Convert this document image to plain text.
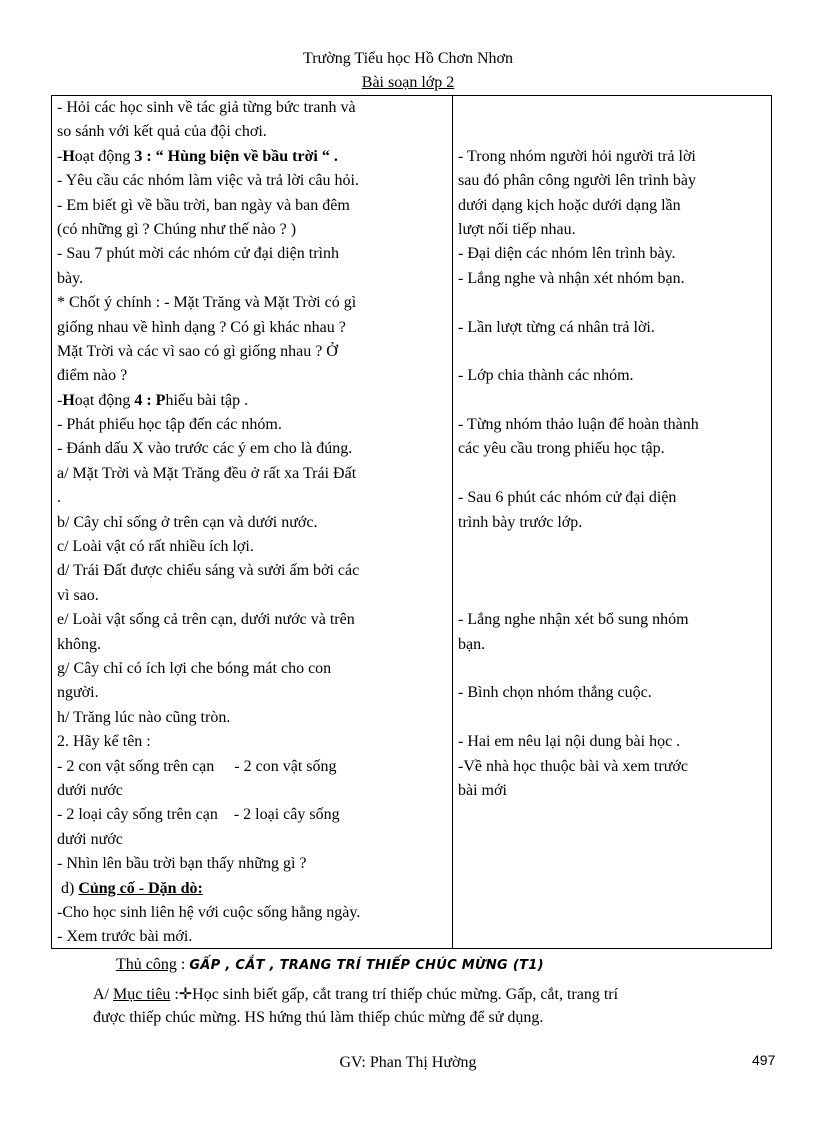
Trường Tiểu học Hồ Chơn Nhơn
Bài soạn lớp 2
- Hỏi các học sinh về tác giả từng bức tranh và
so sánh với kết quả của đội chơi.
-Hoạt động 3 : “ Hùng biện về bầu trời “ .
- Yêu cầu các nhóm làm việc và trả lời câu hỏi.
- Em biết gì về bầu trời, ban ngày và ban đêm
(có những gì ? Chúng như thế nào ? )
- Sau 7 phút mời các nhóm cử đại diện trình
bày.
* Chốt ý chính : - Mặt Trăng và Mặt Trời có gì
giống nhau về hình dạng ? Có gì khác nhau ?
Mặt Trời và các vì sao có gì giống nhau ? Ở
điểm nào ?
-Hoạt động 4 : Phiếu bài tập .
- Phát phiếu học tập đến các nhóm.
- Đánh dấu X vào trước các ý em cho là đúng.
a/ Mặt Trời và Mặt Trăng đều ở rất xa Trái Đất
.
b/ Cây chỉ sống ở trên cạn và dưới nước.
c/ Loài vật có rất nhiều ích lợi.
d/ Trái Đất được chiếu sáng và sưởi ấm bởi các
vì sao.
e/ Loài vật sống cả trên cạn, dưới nước và trên
không.
g/ Cây chỉ có ích lợi che bóng mát cho con
người.
h/ Trăng lúc nào cũng tròn.
2. Hãy kể tên :
- 2 con vật sống trên cạn     - 2 con vật sống
dưới nước
- 2 loại cây sống trên cạn    - 2 loại cây sống
dưới nước
- Nhìn lên bầu trời bạn thấy những gì ?
d) Củng cố - Dặn dò:
-Cho học sinh liên hệ với cuộc sống hằng ngày.
- Xem trước bài mới.
- Trong nhóm người hỏi người trả lời
sau đó phân công người lên trình bày
dưới dạng kịch hoặc dưới dạng lần
lượt nối tiếp nhau.
- Đại diện các nhóm lên trình bày.
- Lắng nghe và nhận xét nhóm bạn.
- Lần lượt từng cá nhân trả lời.
- Lớp chia thành các nhóm.
- Từng nhóm thảo luận để hoàn thành
các yêu cầu trong phiếu học tập.
- Sau 6 phút các nhóm cử đại diện
trình bày trước lớp.
- Lắng nghe nhận xét bổ sung nhóm
bạn.
- Bình chọn nhóm thắng cuộc.
- Hai em nêu lại nội dung bài học .
-Về nhà học thuộc bài và xem trước
bài mới
Thủ công : GẤP , CẮT , TRANG TRÍ THIẾP CHÚC MỪNG (T1)
A/ Mục tiêu :✛Học sinh biết gấp, cắt trang trí thiếp chúc mừng. Gấp, cắt, trang trí
được thiếp chúc mừng. HS hứng thú làm thiếp chúc mừng để sử dụng.
GV: Phan Thị Hường	497
